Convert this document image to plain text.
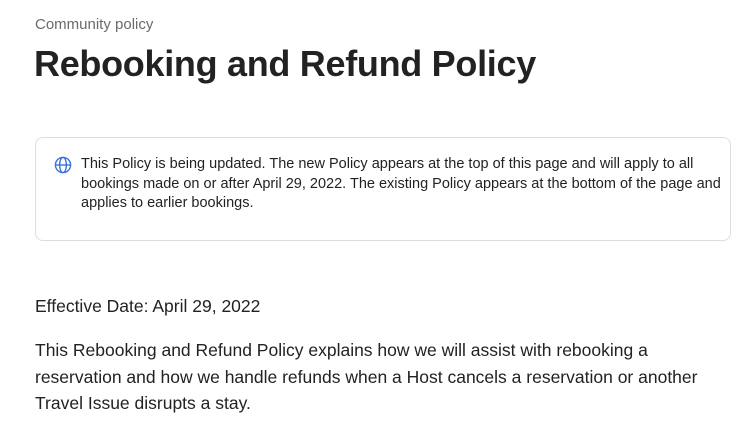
Community policy
Rebooking and Refund Policy

This Policy is being updated. The new Policy appears at the top of this page and will apply to all bookings made on or after April 29, 2022. The existing Policy appears at the bottom of the page and applies to earlier bookings.

Effective Date: April 29, 2022

This Rebooking and Refund Policy explains how we will assist with rebooking a reservation and how we handle refunds when a Host cancels a reservation or another Travel Issue disrupts a stay.
